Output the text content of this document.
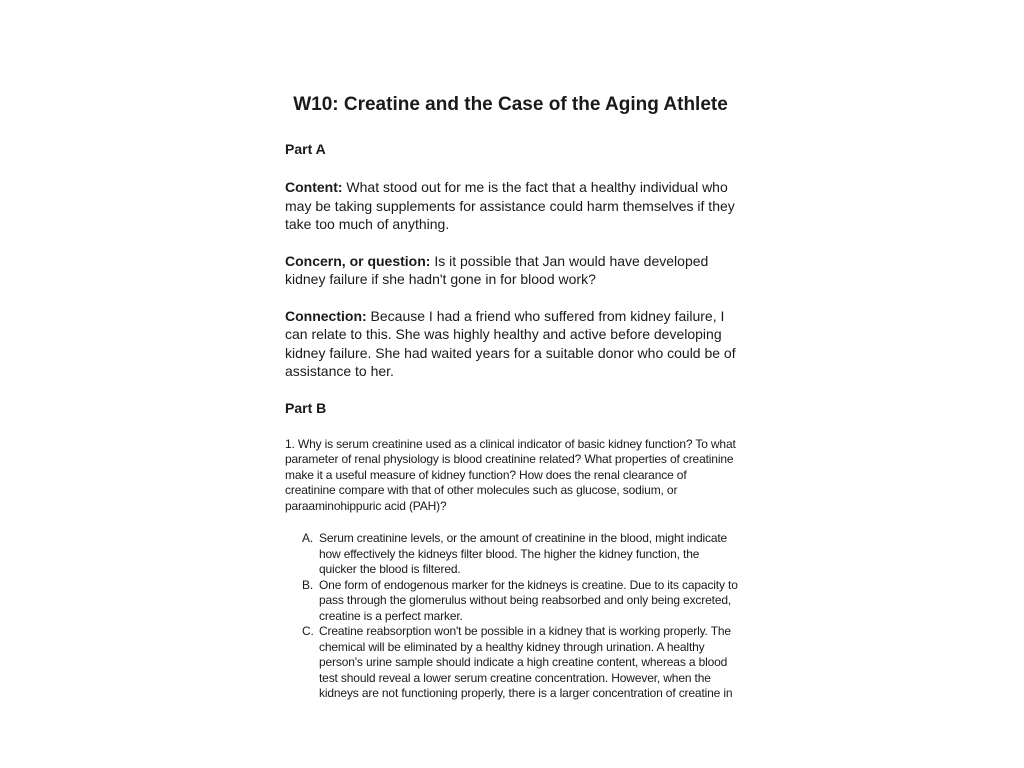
W10: Creatine and the Case of the Aging Athlete
Part A

Content: What stood out for me is the fact that a healthy individual who may be taking supplements for assistance could harm themselves if they take too much of anything.

Concern, or question: Is it possible that Jan would have developed kidney failure if she hadn't gone in for blood work?

Connection: Because I had a friend who suffered from kidney failure, I can relate to this. She was highly healthy and active before developing kidney failure. She had waited years for a suitable donor who could be of assistance to her.

Part B

1. Why is serum creatinine used as a clinical indicator of basic kidney function? To what parameter of renal physiology is blood creatinine related? What properties of creatinine make it a useful measure of kidney function? How does the renal clearance of creatinine compare with that of other molecules such as glucose, sodium, or paraaminohippuric acid (PAH)?

A. Serum creatinine levels, or the amount of creatinine in the blood, might indicate how effectively the kidneys filter blood. The higher the kidney function, the quicker the blood is filtered.
B. One form of endogenous marker for the kidneys is creatine. Due to its capacity to pass through the glomerulus without being reabsorbed and only being excreted, creatine is a perfect marker.
C. Creatine reabsorption won't be possible in a kidney that is working properly. The chemical will be eliminated by a healthy kidney through urination. A healthy person's urine sample should indicate a high creatine content, whereas a blood test should reveal a lower serum creatine concentration. However, when the kidneys are not functioning properly, there is a larger concentration of creatine in
